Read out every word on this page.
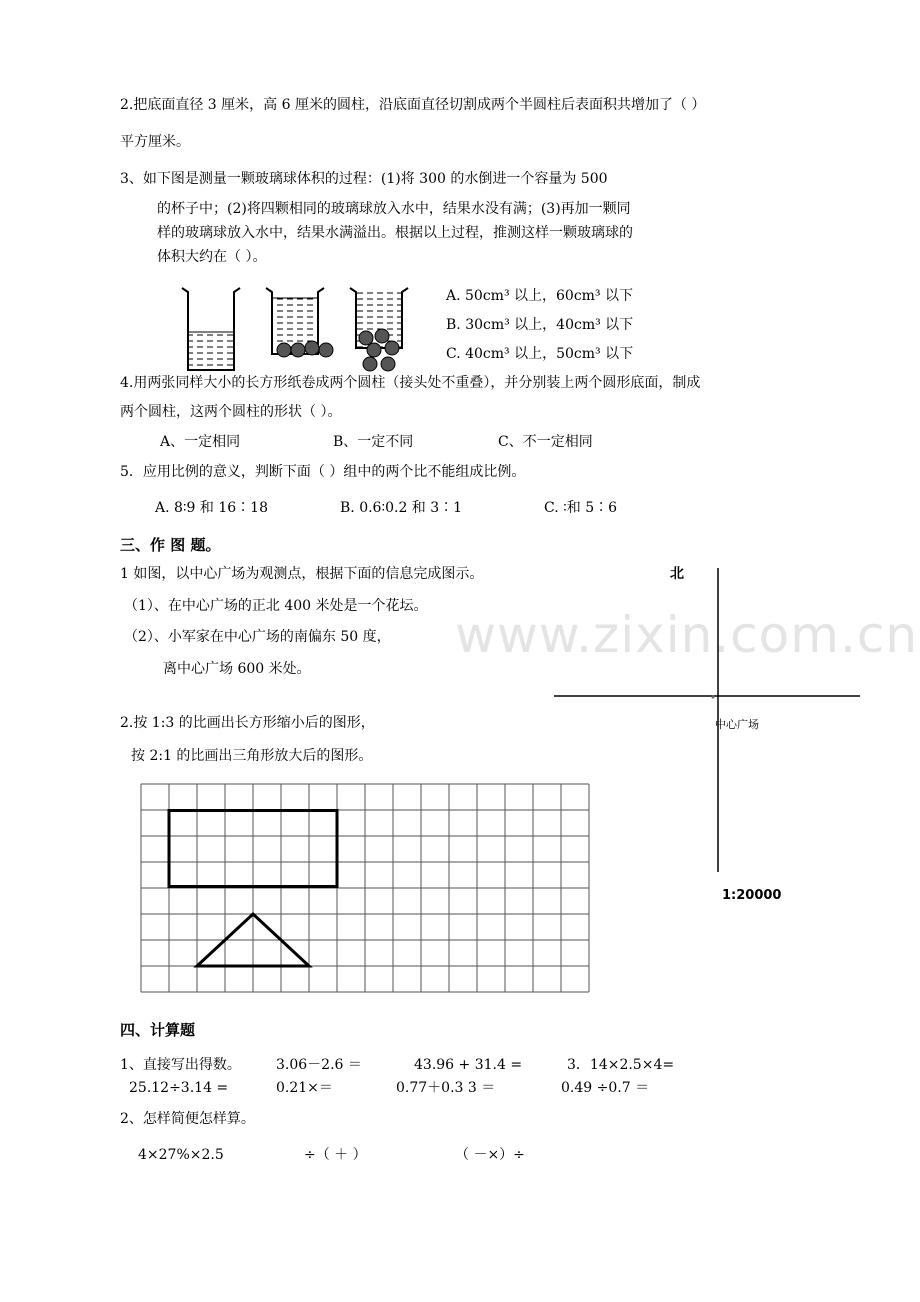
www.zixin.com.cn
2.把底面直径 3 厘米，高 6 厘米的圆柱，沿底面直径切割成两个半圆柱后表面积共增加了（ ）
平方厘米。
3、如下图是测量一颗玻璃球体积的过程：(1)将 300 的水倒进一个容量为 500
的杯子中；(2)将四颗相同的玻璃球放入水中，结果水没有满；(3)再加一颗同
样的玻璃球放入水中，结果水满溢出。根据以上过程，推测这样一颗玻璃球的
体积大约在（ ）。
A. 50cm³ 以上，60cm³ 以下
B. 30cm³ 以上，40cm³ 以下
C. 40cm³ 以上，50cm³ 以下
4.用两张同样大小的长方形纸卷成两个圆柱（接头处不重叠），并分别装上两个圆形底面，制成
两个圆柱，这两个圆柱的形状（ ）。
A、一定相同	B、一定不同	C、不一定相同
5．应用比例的意义，判断下面（ ）组中的两个比不能组成比例。
A. 8∶9 和 16∶18	B. 0.6∶0.2 和 3∶1	C. ∶和 5∶6
三、作 图 题。
1 如图，以中心广场为观测点，根据下面的信息完成图示。
（1）、在中心广场的正北 400 米处是一个花坛。
（2）、小军家在中心广场的南偏东 50 度，
离中心广场 600 米处。
2.按 1:3 的比画出长方形缩小后的图形，
按 2:1 的比画出三角形放大后的图形。
北
中心广场
1:20000
四、计算题
1、直接写出得数。	3.06－2.6 ＝	43.96 + 31.4 =	3．14×2.5×4=
25.12÷3.14 =	0.21×＝	0.77＋0.3 3 ＝	0.49 ÷0.7 ＝
2、怎样简便怎样算。
4×27%×2.5	÷（ ＋ ）	（ －×）÷
